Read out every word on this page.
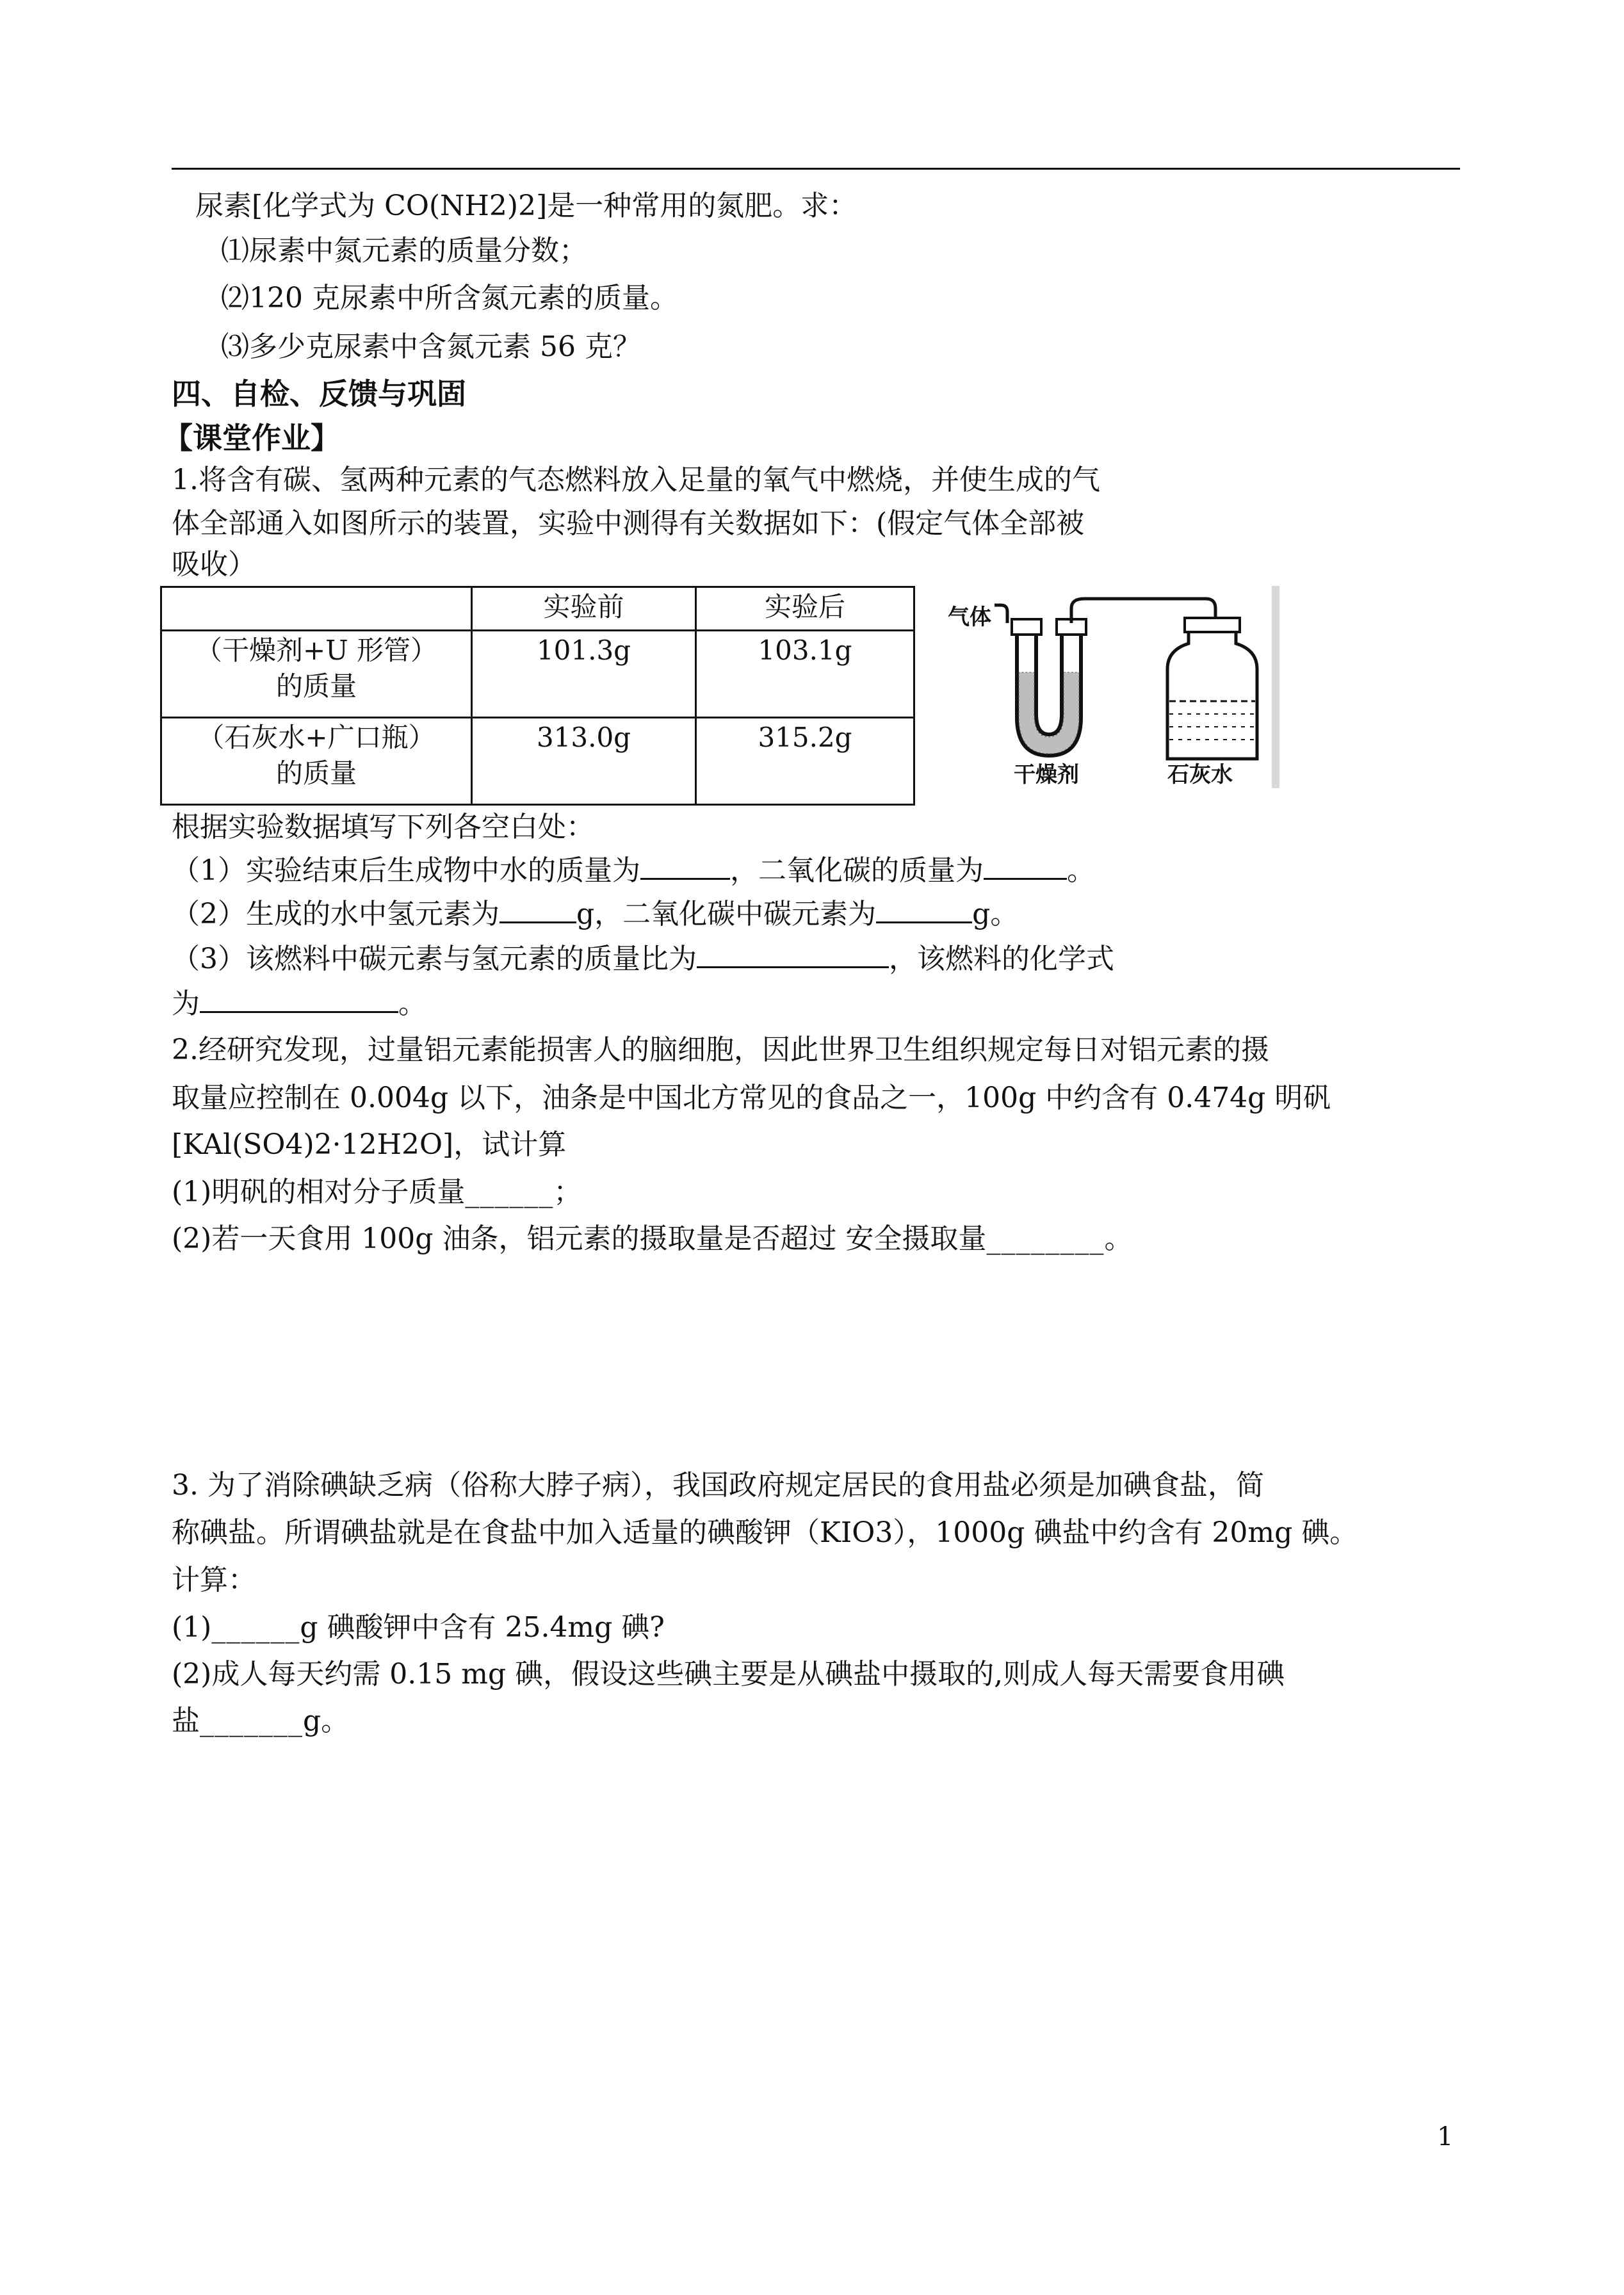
尿素[化学式为 CO(NH2)2]是一种常用的氮肥。求：
⑴尿素中氮元素的质量分数；
⑵120 克尿素中所含氮元素的质量。
⑶多少克尿素中含氮元素 56 克？
四、自检、反馈与巩固
【课堂作业】
1.将含有碳、氢两种元素的气态燃料放入足量的氧气中燃烧，并使生成的气
体全部通入如图所示的装置，实验中测得有关数据如下：(假定气体全部被
吸收）
	实验前	实验后

（干燥剂+U 形管）
的质量	101.3g	103.1g

（石灰水+广口瓶）
的质量	313.0g	315.2g
气体
干燥剂	石灰水
根据实验数据填写下列各空白处：
（1）实验结束后生成物中水的质量为	，二氧化碳的质量为	。
（2）生成的水中氢元素为	g，二氧化碳中碳元素为	g。
（3）该燃料中碳元素与氢元素的质量比为	，该燃料的化学式
为	。
2.经研究发现，过量铝元素能损害人的脑细胞，因此世界卫生组织规定每日对铝元素的摄
取量应控制在 0.004g 以下，油条是中国北方常见的食品之一，100g 中约含有 0.474g 明矾
[KAl(SO4)2·12H2O]，试计算
(1)明矾的相对分子质量______；
(2)若一天食用 100g 油条，铝元素的摄取量是否超过 安全摄取量________。
3. 为了消除碘缺乏病（俗称大脖子病），我国政府规定居民的食用盐必须是加碘食盐，简
称碘盐。所谓碘盐就是在食盐中加入适量的碘酸钾（KIO3），1000g 碘盐中约含有 20mg 碘。
计算：
(1)______g 碘酸钾中含有 25.4mg 碘?
(2)成人每天约需 0.15 mg 碘，假设这些碘主要是从碘盐中摄取的,则成人每天需要食用碘
盐_______g。
1
